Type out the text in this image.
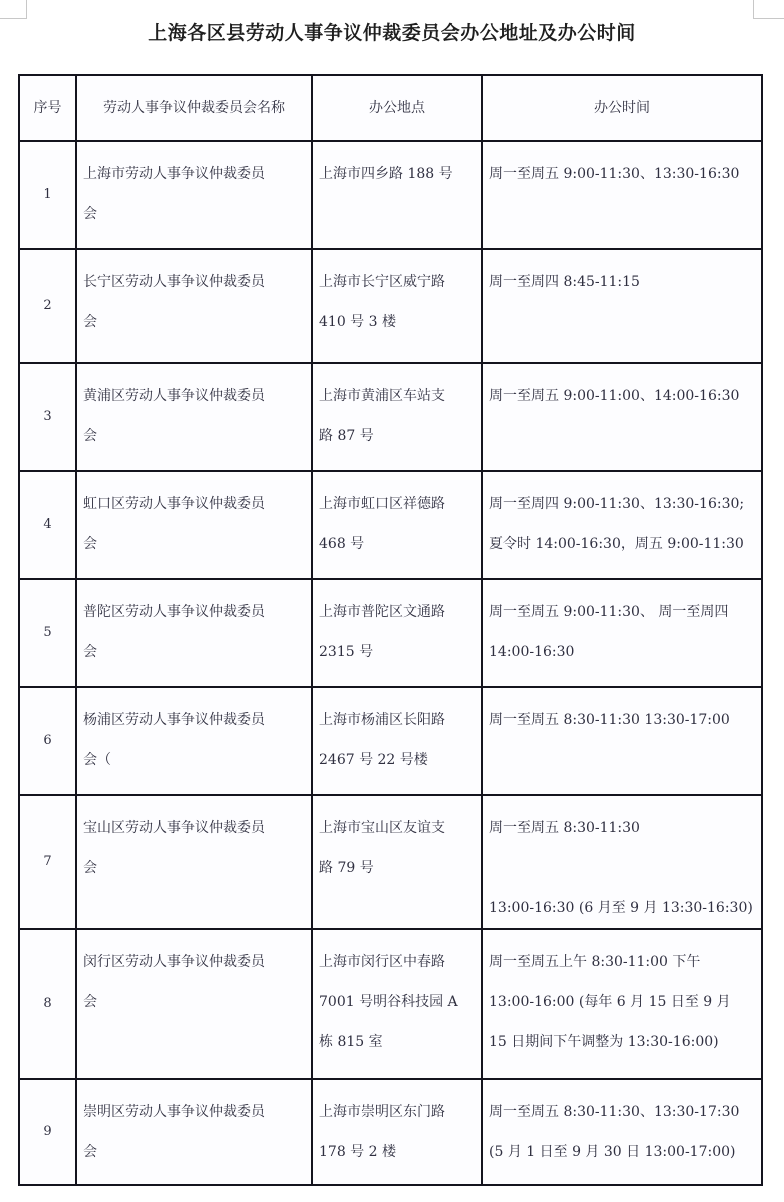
上海各区县劳动人事争议仲裁委员会办公地址及办公时间
序号	劳动人事争议仲裁委员会名称	办公地点	办公时间
1	上海市劳动人事争议仲裁委员
会	上海市四乡路 188 号	周一至周五 9:00-11:30、13:30-16:30

2	长宁区劳动人事争议仲裁委员
会	上海市长宁区威宁路
410 号 3 楼	周一至周四 8:45-11:15

3	黄浦区劳动人事争议仲裁委员
会	上海市黄浦区车站支
路 87 号	周一至周五 9:00-11:00、14:00-16:30

4	虹口区劳动人事争议仲裁委员
会	上海市虹口区祥德路
468 号	周一至周四 9:00-11:30、13:30-16:30;
夏令时 14:00-16:30，周五 9:00-11:30

5	普陀区劳动人事争议仲裁委员
会	上海市普陀区文通路
2315 号	周一至周五 9:00-11:30、 周一至周四
14:00-16:30

6	杨浦区劳动人事争议仲裁委员
会（	上海市杨浦区长阳路
2467 号 22 号楼	周一至周五 8:30-11:30 13:30-17:00

7	宝山区劳动人事争议仲裁委员
会	上海市宝山区友谊支
路 79 号	周一至周五 8:30-11:30

13:00-16:30 (6 月至 9 月 13:30-16:30)

8	闵行区劳动人事争议仲裁委员
会	上海市闵行区中春路
7001 号明谷科技园 A
栋 815 室	周一至周五上午 8:30-11:00 下午
13:00-16:00 (每年 6 月 15 日至 9 月
15 日期间下午调整为 13:30-16:00)

9	崇明区劳动人事争议仲裁委员
会	上海市崇明区东门路
178 号 2 楼	周一至周五 8:30-11:30、13:30-17:30
(5 月 1 日至 9 月 30 日 13:00-17:00)
